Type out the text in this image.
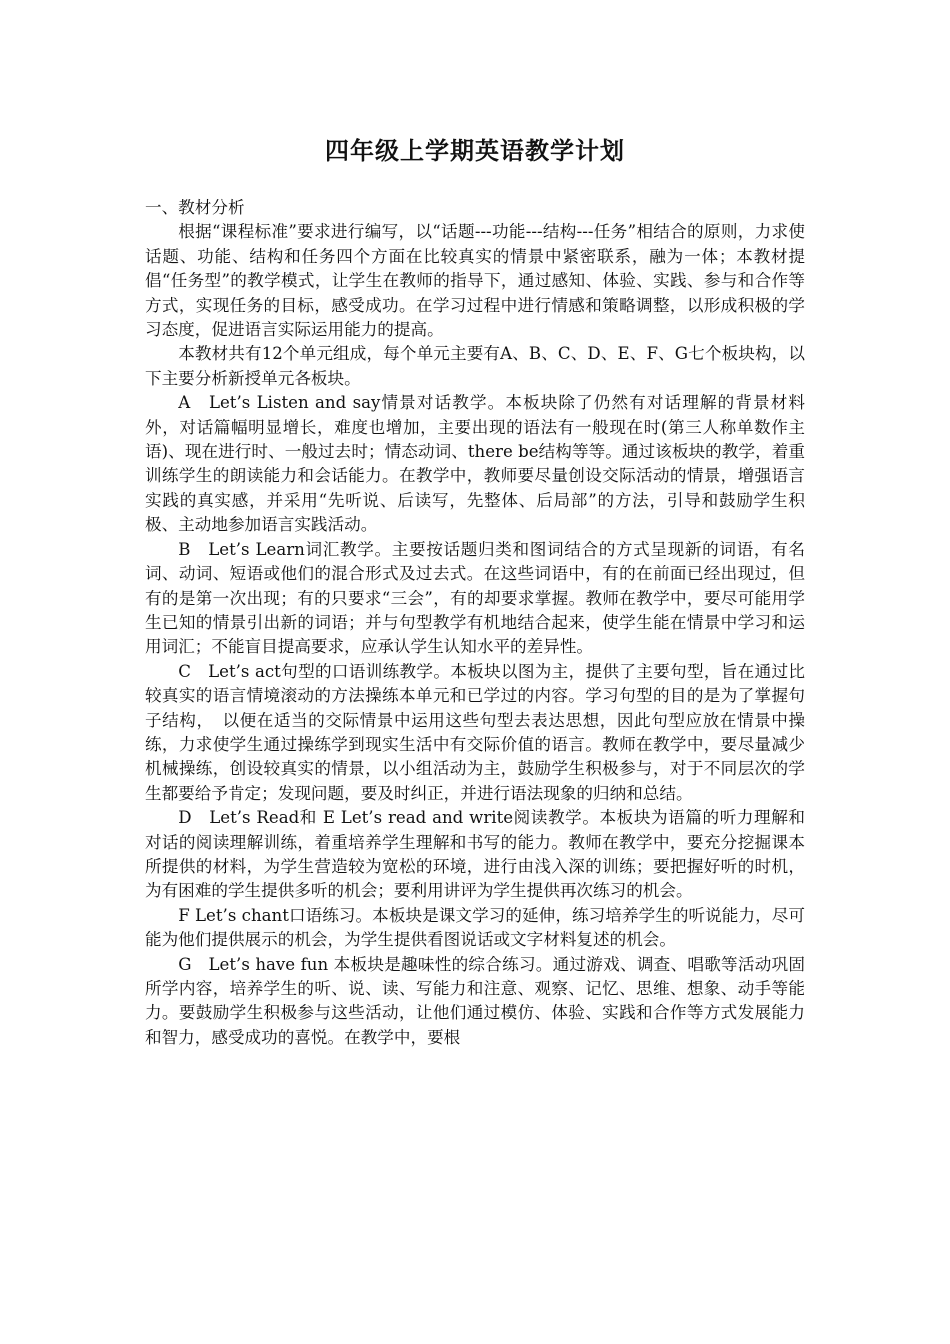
四年级上学期英语教学计划

一、教材分析

根据“课程标准”要求进行编写，以“话题---功能---结构---任务”相结合的原则，力求使话题、功能、结构和任务四个方面在比较真实的情景中紧密联系，融为一体；本教材提倡“任务型”的教学模式，让学生在教师的指导下，通过感知、体验、实践、参与和合作等方式，实现任务的目标，感受成功。在学习过程中进行情感和策略调整，以形成积极的学习态度，促进语言实际运用能力的提高。

本教材共有12个单元组成，每个单元主要有A、B、C、D、E、F、G七个板块构，以下主要分析新授单元各板块。

A　Let’s Listen and say情景对话教学。本板块除了仍然有对话理解的背景材料外，对话篇幅明显增长，难度也增加，主要出现的语法有一般现在时(第三人称单数作主语)、现在进行时、一般过去时；情态动词、there be结构等等。通过该板块的教学，着重训练学生的朗读能力和会话能力。在教学中，教师要尽量创设交际活动的情景，增强语言实践的真实感，并采用“先听说、后读写，先整体、后局部”的方法，引导和鼓励学生积极、主动地参加语言实践活动。

B　Let’s Learn词汇教学。主要按话题归类和图词结合的方式呈现新的词语，有名词、动词、短语或他们的混合形式及过去式。在这些词语中，有的在前面已经出现过，但有的是第一次出现；有的只要求“三会”，有的却要求掌握。教师在教学中，要尽可能用学生已知的情景引出新的词语；并与句型教学有机地结合起来，使学生能在情景中学习和运用词汇；不能盲目提高要求，应承认学生认知水平的差异性。

C　Let’s act句型的口语训练教学。本板块以图为主，提供了主要句型，旨在通过比较真实的语言情境滚动的方法操练本单元和已学过的内容。学习句型的目的是为了掌握句子结构，　以便在适当的交际情景中运用这些句型去表达思想，因此句型应放在情景中操练，力求使学生通过操练学到现实生活中有交际价值的语言。教师在教学中，要尽量减少机械操练，创设较真实的情景，以小组活动为主，鼓励学生积极参与，对于不同层次的学生都要给予肯定；发现问题，要及时纠正，并进行语法现象的归纳和总结。

D　Let’s Read和 E Let’s read and write阅读教学。本板块为语篇的听力理解和对话的阅读理解训练，着重培养学生理解和书写的能力。教师在教学中，要充分挖掘课本所提供的材料，为学生营造较为宽松的环境，进行由浅入深的训练；要把握好听的时机，为有困难的学生提供多听的机会；要利用讲评为学生提供再次练习的机会。

F Let’s chant口语练习。本板块是课文学习的延伸，练习培养学生的听说能力，尽可能为他们提供展示的机会，为学生提供看图说话或文字材料复述的机会。

G　Let’s have fun 本板块是趣味性的综合练习。通过游戏、调查、唱歌等活动巩固所学内容，培养学生的听、说、读、写能力和注意、观察、记忆、思维、想象、动手等能力。要鼓励学生积极参与这些活动，让他们通过模仿、体验、实践和合作等方式发展能力和智力，感受成功的喜悦。在教学中，要根
